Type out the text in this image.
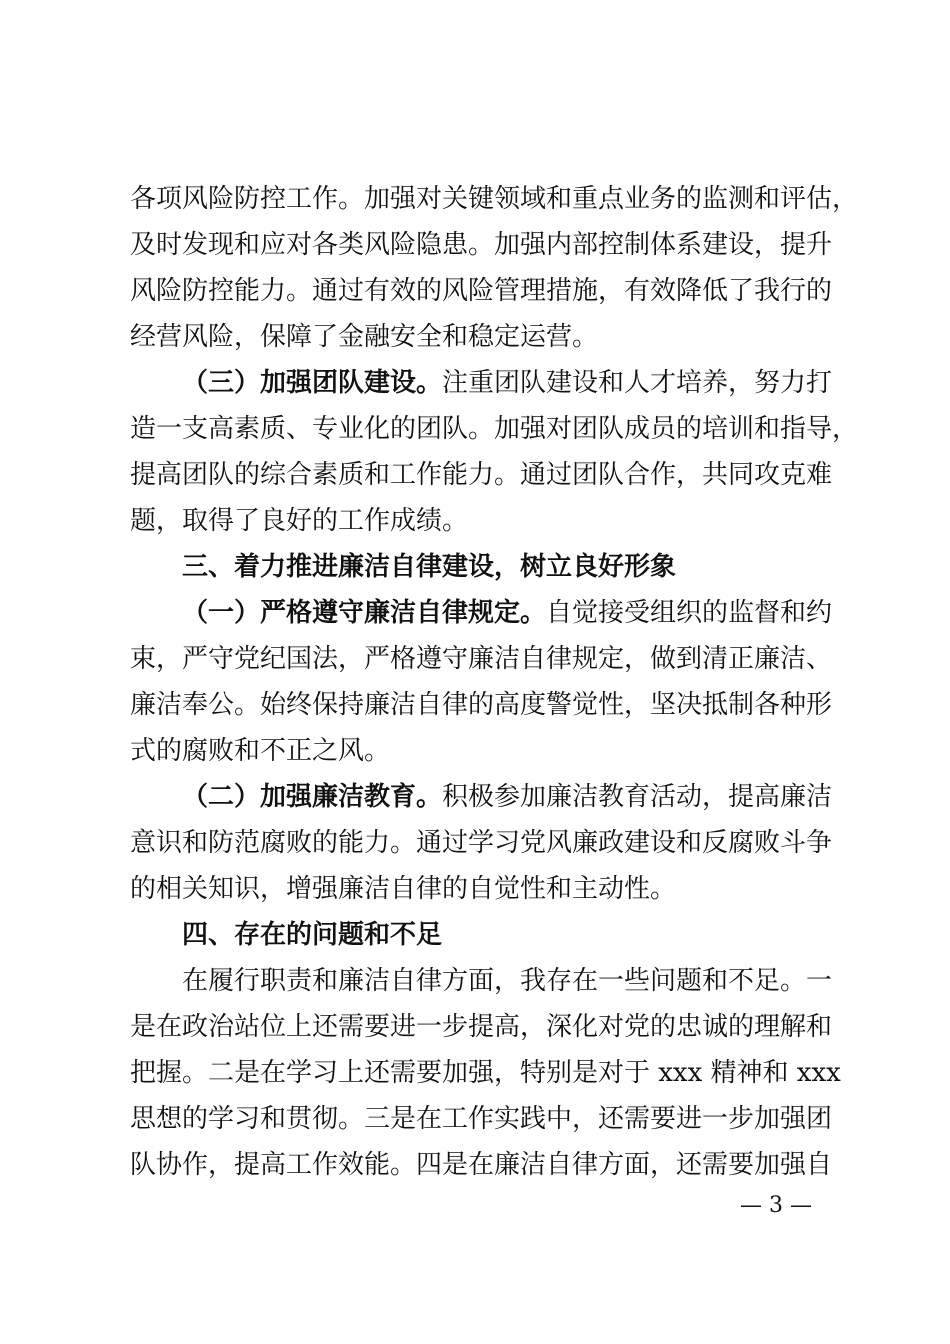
各项风险防控工作。加强对关键领域和重点业务的监测和评估，
及时发现和应对各类风险隐患。加强内部控制体系建设，提升
风险防控能力。通过有效的风险管理措施，有效降低了我行的
经营风险，保障了金融安全和稳定运营。
（三）加强团队建设。注重团队建设和人才培养，努力打
造一支高素质、专业化的团队。加强对团队成员的培训和指导，
提高团队的综合素质和工作能力。通过团队合作，共同攻克难
题，取得了良好的工作成绩。
三、着力推进廉洁自律建设，树立良好形象
（一）严格遵守廉洁自律规定。自觉接受组织的监督和约
束，严守党纪国法，严格遵守廉洁自律规定，做到清正廉洁、
廉洁奉公。始终保持廉洁自律的高度警觉性，坚决抵制各种形
式的腐败和不正之风。
（二）加强廉洁教育。积极参加廉洁教育活动，提高廉洁
意识和防范腐败的能力。通过学习党风廉政建设和反腐败斗争
的相关知识，增强廉洁自律的自觉性和主动性。
四、存在的问题和不足
在履行职责和廉洁自律方面，我存在一些问题和不足。一
是在政治站位上还需要进一步提高，深化对党的忠诚的理解和
把握。二是在学习上还需要加强，特别是对于 xxx 精神和 xxx
思想的学习和贯彻。三是在工作实践中，还需要进一步加强团
队协作，提高工作效能。四是在廉洁自律方面，还需要加强自
— 3 —
